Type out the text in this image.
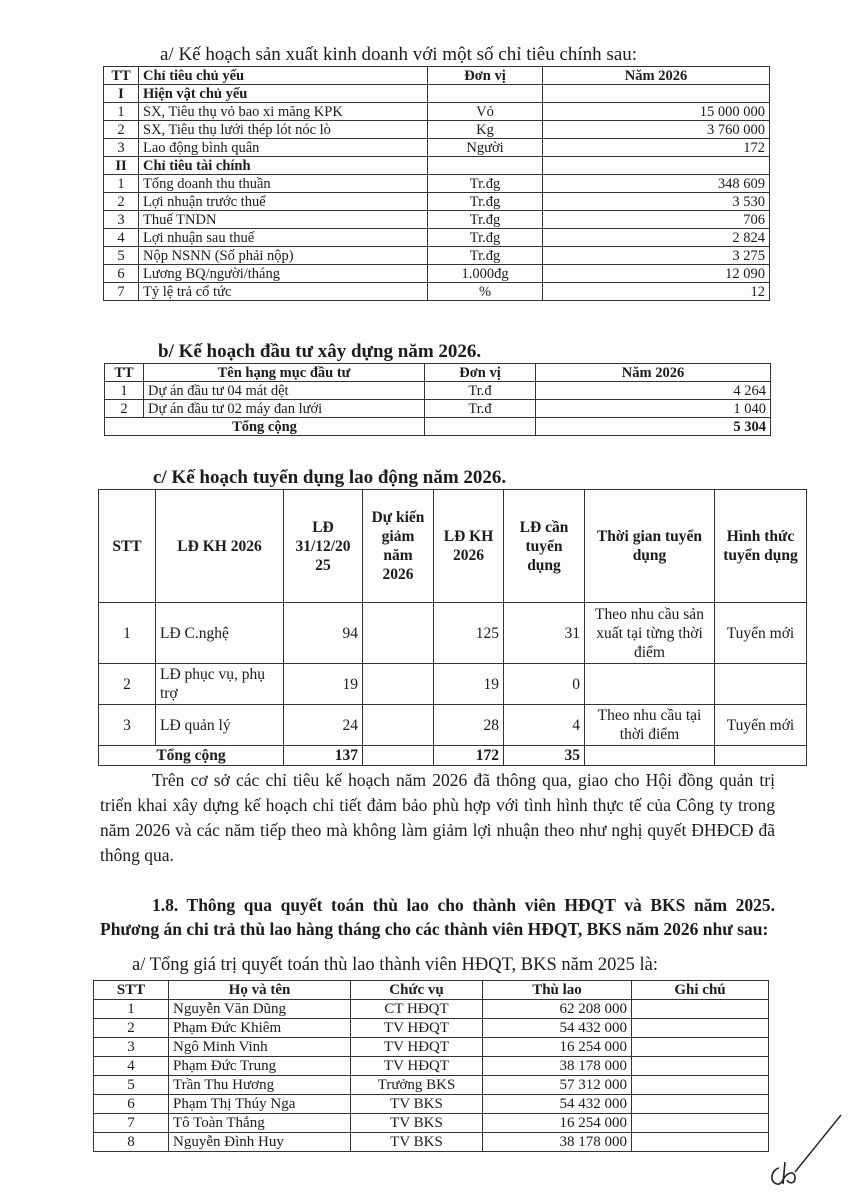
a/ Kế hoạch sản xuất kinh doanh với một số chỉ tiêu chính sau:
TT	Chỉ tiêu chủ yếu	Đơn vị	Năm 2026
I	Hiện vật chủ yếu		
1	SX, Tiêu thụ vỏ bao xi măng KPK	Vỏ	15 000 000
2	SX, Tiêu thụ lưới thép lót nóc lò	Kg	3 760 000
3	Lao động bình quân	Người	172
II	Chỉ tiêu tài chính		
1	Tổng doanh thu thuần	Tr.đg	348 609
2	Lợi nhuận trước thuế	Tr.đg	3 530
3	Thuế TNDN	Tr.đg	706
4	Lợi nhuận sau thuế	Tr.đg	2 824
5	Nộp NSNN (Số phải nộp)	Tr.đg	3 275
6	Lương BQ/người/tháng	1.000đg	12 090
7	Tỷ lệ trả cổ tức	%	12
b/ Kế hoạch đầu tư xây dựng năm 2026.
TT	Tên hạng mục đầu tư	Đơn vị	Năm 2026
1	Dự án đầu tư 04 mát dệt	Tr.đ	4 264
2	Dự án đầu tư 02 máy đan lưới	Tr.đ	1 040
Tổng cộng			5 304
c/ Kế hoạch tuyển dụng lao động năm 2026.
STT	LĐ KH 2026	LĐ 31/12/20 25	Dự kiến giảm năm 2026	LĐ KH 2026	LĐ cần tuyển dụng	Thời gian tuyển dụng	Hình thức tuyển dụng
1	LĐ C.nghệ	94		125	31	Theo nhu cầu sản xuất tại từng thời điểm	Tuyển mới
2	LĐ phục vụ, phụ trợ	19		19	0		
3	LĐ quản lý	24		28	4	Theo nhu cầu tại thời điểm	Tuyển mới
Tổng cộng		137		172	35		

Trên cơ sở các chỉ tiêu kế hoạch năm 2026 đã thông qua, giao cho Hội đồng quản trị triển khai xây dựng kế hoạch chi tiết đảm bảo phù hợp với tình hình thực tế của Công ty trong năm 2026 và các năm tiếp theo mà không làm giảm lợi nhuận theo như nghị quyết ĐHĐCĐ đã thông qua.

1.8. Thông qua quyết toán thù lao cho thành viên HĐQT và BKS năm 2025. Phương án chi trả thù lao hàng tháng cho các thành viên HĐQT, BKS năm 2026 như sau:

a/ Tổng giá trị quyết toán thù lao thành viên HĐQT, BKS năm 2025 là:
STT	Họ và tên	Chức vụ	Thù lao	Ghi chú
1	Nguyễn Văn Dũng	CT HĐQT	62 208 000	
2	Phạm Đức Khiêm	TV HĐQT	54 432 000	
3	Ngô Minh Vinh	TV HĐQT	16 254 000	
4	Phạm Đức Trung	TV HĐQT	38 178 000	
5	Trần Thu Hương	Trưởng BKS	57 312 000	
6	Phạm Thị Thúy Nga	TV BKS	54 432 000	
7	Tô Toàn Thắng	TV BKS	16 254 000	
8	Nguyễn Đình Huy	TV BKS	38 178 000	
